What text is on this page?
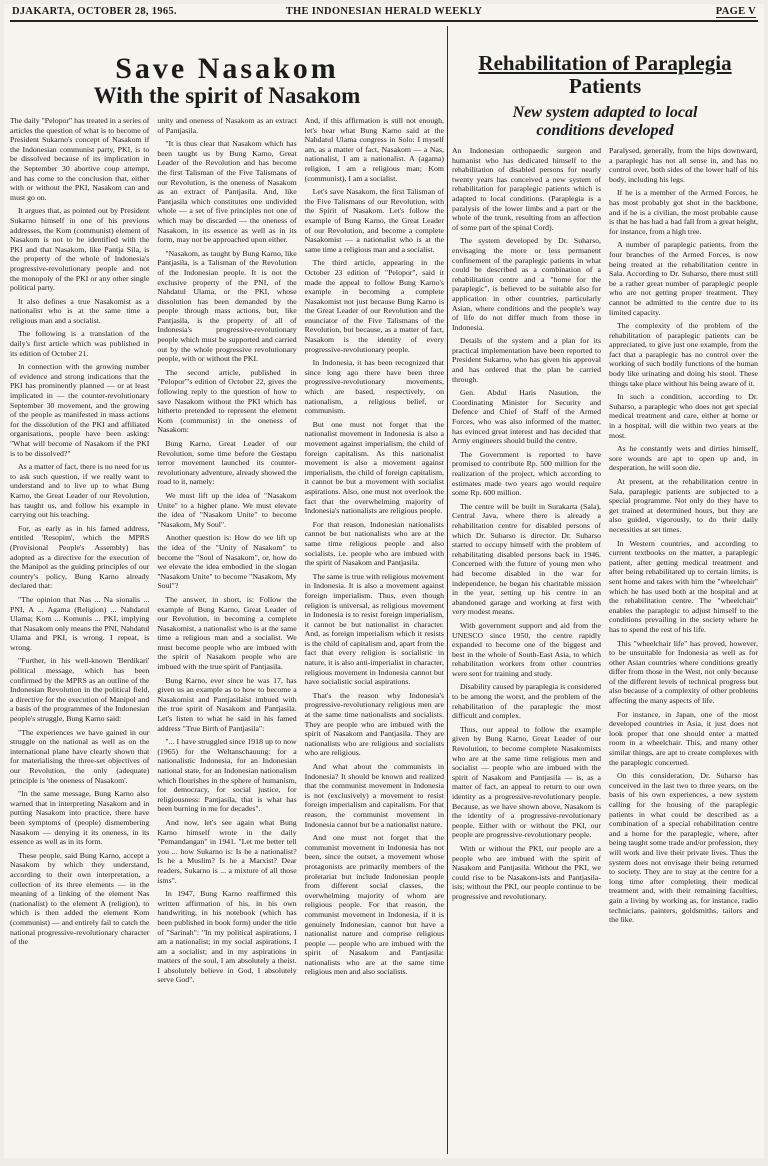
DJAKARTA, OCTOBER 28, 1965.	THE INDONESIAN HERALD WEEKLY	PAGE V
Save Nasakom
With the spirit of Nasakom

The daily "Pelopor" has treated in a series of articles the question of what is to become of President Sukarno's concept of Nasakom if the Indonesian communist party, PKI, is to be dissolved because of its implication in the September 30 abortive coup attempt, and has come to the conclusion that, either with or without the PKI, Nasakom can and must go on.

It argues that, as pointed out by President Sukarno himself in one of his previous addresses, the Kom (communist) element of Nasakom is not to be identified with the PKI and that Nasakom, like Pantja Sila, is the property of the whole of Indonesia's progressive-revolutionary people and not the monopoly of the PKI or any other single political party.

It also defines a true Nasakomist as a nationalist who is at the same time a religious man and a socialist.

The following is a translation of the daily's first article which was published in its edition of October 21.

In connection with the growing number of evidence and strong indications that the PKI has prominently planned — or at least implicated in — the counter-revolutionary September 30 movement, and the growing of the people as manifested in mass actions for the dissolution of the PKI and affiliated organisations, people have been asking: "What will become of Nasakom if the PKI is to be dissolved?"

As a matter of fact, there is no need for us to ask such question, if we really want to understand and to live up to what Bung Karno, the Great Leader of our Revolution, has taught us, and follow his example in carrying out his teaching.

For, as early as in his famed address, entitled 'Resopim', which the MPRS (Provisional People's Assembly) has adopted as a directive for the execution of the Manipol as the guiding principles of our country's policy, Bung Karno already declared that:

"The opinion that Nas ... Na sionalis ... PNI, A ... Agama (Religion) ... Nahdatul Ulama; Kom ... Komunis ... PKI, implying that Nasakom only means the PNI, Nahdatul Ulama and PKI, is wrong. I repeat, is wrong.

"Further, in his well-known 'Berdikari' political message, which has been confirmed by the MPRS as an outline of the Indonesian Revolution in the political field, a directive for the execution of Manipol and a basis of the programmes of the Indonesian people's struggle, Bung Karno said:

"The experiences we have gained in our struggle on the national as well as on the international plane have clearly shown that for materialising the three-set objectives of our Revolution, the only (adequate) principle is 'the oneness of Nasakom'.

"In the same message, Bung Karno also warned that in interpreting Nasakom and in putting Nasakom into practice, there have been symptoms of (people) dismembering Nasakom — denying it its oneness, in its essence as well as in its form.

These people, said Bung Karno, accept a Nasakom by which they understand, according to their own interpretation, a collection of its three elements — in the meaning of a linking of the element Nas (nationalist) to the element A (religion), to which is then added the element Kom (communist) — and entirely fail to catch the national progressive-revolutionary character of the

unity and oneness of Nasakom as an extract of Pantjasila.

"It is thus clear that Nasakom which has been taught us by Bung Karno, Great Leader of the Revolution and has become the first Talisman of the Five Talismans of our Revolution, is the oneness of Nasakom as an extract of Pantjasila. And, like Pantjasila which constitutes one undivided whole — a set of five principles not one of which may be discarded — the oneness of Nasakom, in its essence as well as in its form, may not be approached upon either.

"Nasakom, as taught by Bung Karno, like Pantjasila, is a Talisman of the Revolution of the Indonesian people. It is not the exclusive property of the PNI, of the Nahdatul Ulama, or the PKI, whose dissolution has been demanded by the people through mass actions, but, like Pantjasila, is the property of all of Indonesia's progressive-revolutionary people which must be supported and carried out by the whole progressive revolutionary people, with or without the PKI.

The second article, published in "Pelopor"'s edition of October 22, gives the following reply to the question of how to save Nasakom without the PKI which has hitherto pretended to represent the element Kom (communist) in the oneness of Nasakom:

Bung Karno, Great Leader of our Revolution, some time before the Gestapu terror movement launched its counter-revolutionary adventure, already showed the road to it, namely:

We must lift up the idea of "Nasakom Unite" to a higher plane. We must elevate the idea of "Nasakom Unite" to become "Nasakom, My Soul".

Another question is: How do we lift up the idea of the "Unity of Nasakom" to become the "Soul of Nasakom", or, how do we elevate the idea embodied in the slogan "Nasakom Unite" to become "Nasakom, My Soul"?

The answer, in short, is: Follow the example of Bung Karno, Great Leader of our Revolution, in becoming a complete Nasakomist, a nationalist who is at the same time a religious man and a socialist. We must become people who are imbued with the spirit of Nasakom people who are imbued with the true spirit of Pantjasila.

Bung Karno, ever since he was 17, has given us an example as to how to become a Nasakomist and Pantjasilaist imbued with the true spirit of Nasakom and Pantjasila. Let's listen to what he said in his famed address "True Birth of Pantjasila":

"... I have struggled since 1918 up to now (1965) for the Weltanschauung: for a nationalistic Indonesia, for an Indonesian national state, for an Indonesian nationalism which flourishes in the sphere of humanism, for democracy, for social justice, for religiousness: Pantjasila, that is what has been burning in me for decades".

And now, let's see again what Bung Karno himself wrote in the daily "Pemandangan" in 1941. "Let me better tell you ... how Sukarno is: Is he a nationalist? Is he a Muslim? Is he a Marxist? Dear readers, Sukarno is ... a mixture of all those isms".

In 1947, Bung Karno reaffirmed this written affirmation of his, in his own handwriting, in his notebook (which has been published in book form) under the title of "Sarinah": "In my political aspirations, I am a nationalist; in my social aspirations, I am a socialist; and in my aspirations in matters of the soul, I am absolutely a theist. I absolutely believe in God, I absolutely serve God".

And, if this affirmation is still not enough, let's hear what Bung Karno said at the Nahdatul Ulama congress in Solo: I myself am, as a matter of fact, Nasakom — a Nas, nationalist, I am a nationalist. A (agama) religion, I am a religious man; Kom (communist), I am a socialist.

Let's save Nasakom, the first Talisman of the Five Talismans of our Revolution, with the Spirit of Nasakom. Let's follow the example of Bung Karno, the Great Leader of our Revolution, and become a complete Nasakomist — a nationalist who is at the same time a religious man and a socialist.

The third article, appearing in the October 23 edition of "Pelopor", said it made the appeal to follow Bung Karno's example in becoming a complete Nasakomist not just because Bung Karno is the Great Leader of our Revolution and the enunciator of the Five Talismans of the Revolution, but because, as a matter of fact, Nasakom is the identity of every progressive-revolutionary people.

In Indonesia, it has been recognized that since long ago there have been three progressive-revolutionary movements, which are based, respectively, on nationalism, a religious belief, or communism.

But one must not forget that the nationalist movement in Indonesia is also a movement against imperialism, the child of foreign capitalism. As this nationalist movement is also a movement against imperialism, the child of foreign capitalism, it cannot be but a movement with socialist aspirations. Also, one must not overlook the fact that the overwhelming majority of Indonesia's nationalists are religious people.

For that reason, Indonesian nationalists cannot be but nationalists who are at the same time religious people and also socialists, i.e. people who are imbued with the spirit of Nasakom and Pantjasila.

The same is true with religious movement in Indonesia. It is also a movement against foreign imperialism. Thus, even though religion is universal, as religious movement in Indonesia is to resist foreign imperialism, it cannot be but nationalist in character. And, as foreign imperialism which it resists is the child of capitalism and, apart from the fact that every religion is socialistic in nature, it is also anti-imperialist in character, religious movement in Indonesia cannot but have socialistic social aspirations.

That's the reason why Indonesia's progressive-revolutionary religious men are at the same time nationalists and socialists. They are people who are imbued with the spirit of Nasakom and Pantjasila. They are nationalists who are religious and socialists who are religious.

And what about the communists in Indonesia? It should be known and realized that the communist movement in Indonesia is not (exclusively) a movement to resist foreign imperialism and capitalism. For that reason, the communist movement in Indonesia cannot but be a nationalist nature.

And one must not forget that the communist movement in Indonesia has not been, since the outset, a movement whose protagonists are primarily members of the proletariat but include Indonesian people from different social classes, the overwhelming majority of whom are religious people. For that reason, the communist movement in Indonesia, if it is genuinely Indonesian, cannot but have a nationalist nature and comprise religious people — people who are imbued with the spirit of Nasakom and Pantjasila: nationalists who are at the same time religious men and also socialists.

Rehabilitation of Paraplegia
Patients
New system adapted to local
conditions developed

An Indonesian orthopaedic surgeon and humanist who has dedicated himself to the rehabilitation of disabled persons for nearly twenty years has conceived a new system of rehabilitation for paraplegic patients which is adapted to local conditions. (Paraplegia is a paralysis of the lower limbs and a part or the whole of the trunk, resulting from an affection of some part of the spinal Cord).

The system developed by Dr. Suharso, envisaging the more or less permanent confinement of the paraplegic patients in what could be described as a combination of a rehabilitation centre and a "home for the paraplegic", is believed to be suitable also for application in other countries, particularly Asian, where conditions and the people's way of life do not differ much from those in Indonesia.

Details of the system and a plan for its practical implementation have been reported to President Sukarno, who has given his approval and has ordered that the plan be carried through.

Gen. Abdul Haris Nasution, the Coordinating Minister for Security and Defence and Chief of Staff of the Armed Forces, who was also informed of the matter, has evinced great interest and has decided that Army engineers should build the centre.

The Government is reported to have promised to contribute Rp. 500 million for the realization of the project, which according to estimates made two years ago would require some Rp. 600 million.

The centre will be built in Surakarta (Sala), Central Java, where there is already a rehabilitation centre for disabled persons of which Dr. Suharso is director. Dr. Suharso started to occupy himself with the problem of rehabilitating disabled persons back in 1946. Concerned with the future of young men who had become disabled in the war for independence, he began his charitable mission in the year, setting up his centre in an abandoned garage and working at first with very modest means.

With government support and aid from the UNESCO since 1950, the centre rapidly expanded to become one of the biggest and best in the whole of South-East Asia, to which rehabilitation workers from other countries were sent for training and study.

Disability caused by paraplegia is considered to be among the worst, and the problem of the rehabilitation of the paraplegic the most difficult and complex.

Thus, our appeal to follow the example given by Bung Karno, Great Leader of our Revolution, to become complete Nasakomists who are at the same time religious men and socialist — people who are imbued with the spirit of Nasakom and Pantjasila — is, as a matter of fact, an appeal to return to our own identity as a progressive-revolutionary people. Because, as we have shown above, Nasakom is the identity of a progressive-revolutionary people. Either with or without the PKI, our people are progressive-revolutionary people.

With or without the PKI, our people are a people who are imbued with the spirit of Nasakom and Pantjasila. Without the PKI, we could rise to be Nasakom-ists and Pantjasila-ists; without the PKI, our people continue to be progressive and revolutionary.

Paralysed, generally, from the hips downward, a paraplegic has not all sense in, and has no control over, both sides of the lower half of his body, including his legs.

If he is a member of the Armed Forces, he has most probably got shot in the backbone, and if he is a civilian, the most probable cause is that he has had a bad fall from a great height, for instance, from a high tree.

A number of paraplegic patients, from the four branches of the Armed Forces, is now being treated at the rehabilitation centre in Sala. According to Dr. Suharso, there must still be a rather great number of paraplegic people who are not getting proper treatment. They cannot be admitted to the centre due to its limited capacity.

The complexity of the problem of the rehabilitation of paraplegic patients can be appreciated, to give just one example, from the fact that a paraplegic has no control over the working of such bodily functions of the human body like urinating and doing his stool. These things take place without his being aware of it.

In such a condition, according to Dr. Suharso, a paraplegic who does not get special medical treatment and care, either at home or in a hospital, will die within two years at the most.

As he constantly wets and dirties himself, sore wounds are apt to open up and, in desperation, he will soon die.

At present, at the rehabilitation centre in Sala, paraplegic patients are subjected to a special programme. Not only do they have to get trained at determined hours, but they are also guided, vigorously, to do their daily necessities at set times.

In Western countries, and according to current textbooks on the matter, a paraplegic patient, after getting medical treatment and after being rehabilitated up to certain limits, is sent home and takes with him the "wheelchair" which he has used both at the hospital and at the rehabilitation centre. The "wheelchair" enables the paraplegic to adjust himself to the conditions prevailing in the society where he has to spend the rest of his life.

This "wheelchair life" has proved, however, to be unsuitable for Indonesia as well as for other Asian countries where conditions greatly differ from those in the West, not only because of the different levels of technical progress but also because of a complexity of other problems affecting the many aspects of life.

For instance, in Japan, one of the most developed countries in Asia, it just does not look proper that one should enter a matted room in a wheelchair. This, and many other similar things, are apt to create complexes with the paraplegic concerned.

On this consideration, Dr. Suharso has conceived in the last two to three years, on the basis of his own experiences, a new system calling for the housing of the paraplegic patients in what could be described as a combination of a special rehabilitation centre and a home for the paraplegic, where, after being taught some trade and/or profession, they will work and live their private lives. Thus the system does not envisage their being returned to society. They are to stay at the centre for a long time after completing their medical treatment and, with their remaining faculties, gain a living by working as, for instance, radio technicians, painters, goldsmiths, tailors and the like.
